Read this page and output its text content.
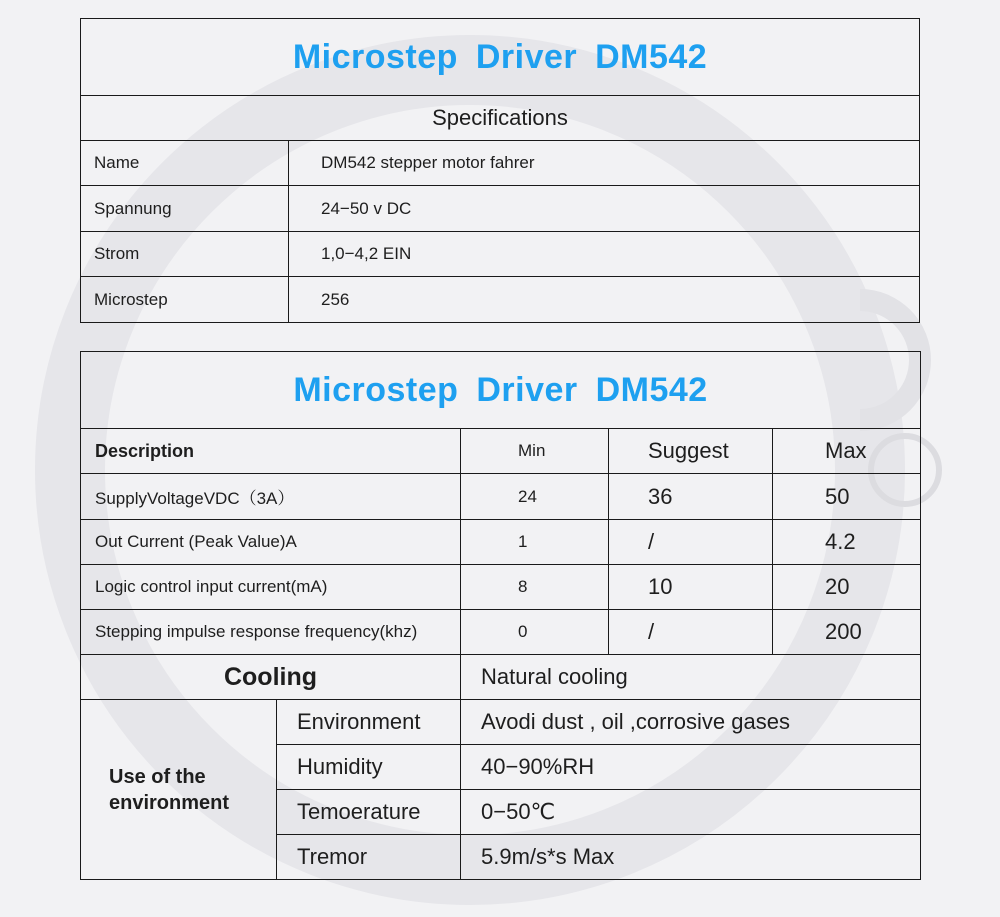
Microstep Driver DM542	
Specifications	
Name	DM542 stepper motor fahrer
Spannung	24−50 v DC
Strom	1,0−4,2 EIN
Microstep	256
Microstep Driver DM542				
Description		Min	Suggest	Max
SupplyVoltageVDC（3A）		24	36	50
Out Current (Peak Value)A		1	/	4.2
Logic control input current(mA)		8	10	20
Stepping impulse response frequency(khz)		0	/	200
Cooling		Natural cooling		

Use of the
environment	Environment	Avodi dust , oil ,corrosive gases		
	Humidity	40−90%RH		
	Temoerature	0−50℃		
	Tremor	5.9m/s*s Max		
